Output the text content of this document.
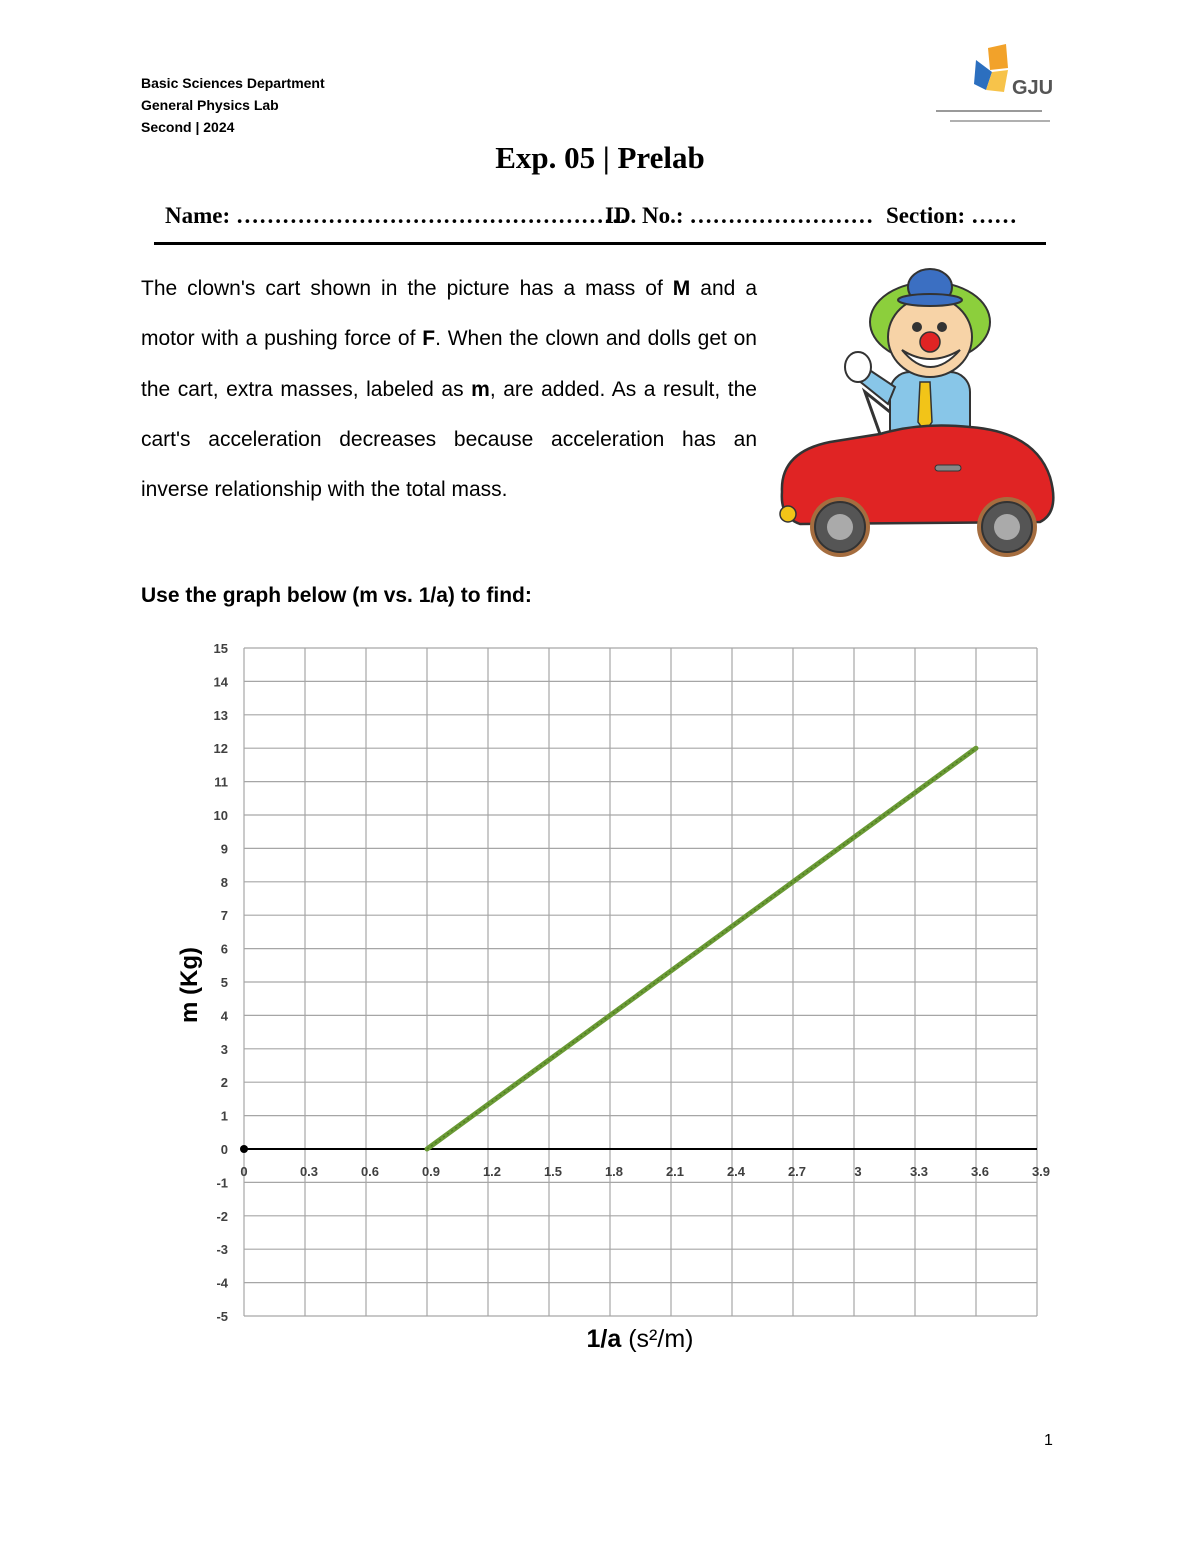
Basic Sciences Department
General Physics Lab
Second | 2024
GJU
Exp. 05 | Prelab
Name: ……………………………………………
ID. No.: …………………… Section: ……

The clown's cart shown in the picture has a mass of M and a motor with a pushing force of F. When the clown and dolls get on the cart, extra masses, labeled as m, are added. As a result, the cart's acceleration decreases because acceleration has an inverse relationship with the total mass.

Use the graph below (m vs. 1/a) to find:
0	0.3	0.6	0.9	1.2	1.5	1.8	2.1	2.4	2.7	3	3.3	3.6	3.9
15
14
13
12
11
10
9
8
7
6
5
4
3
2
1
0
-1
-2
-3
-4
-5
m (Kg)
1/a (s²/m)
1
